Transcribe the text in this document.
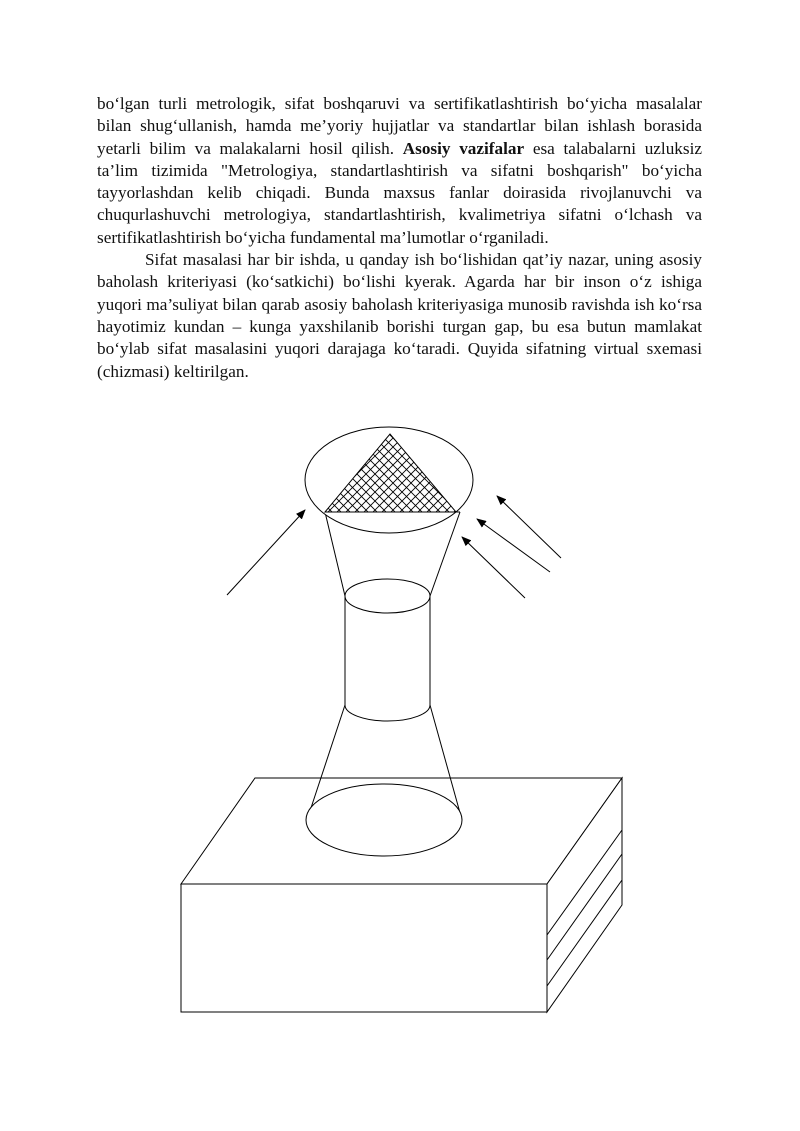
bo‘lgan turli metrologik, sifat boshqaruvi va sertifikatlashtirish bo‘yicha masalalar bilan shug‘ullanish, hamda me’yoriy hujjatlar va standartlar bilan ishlash borasida yetarli bilim va malakalarni hosil qilish. Asosiy vazifalar esa talabalarni uzluksiz ta’lim tizimida "Metrologiya, standartlashtirish va sifatni boshqarish" bo‘yicha tayyorlashdan kelib chiqadi. Bunda maxsus fanlar doirasida rivojlanuvchi va chuqurlashuvchi metrologiya, standartlashtirish, kvalimetriya sifatni o‘lchash va sertifikatlashtirish bo‘yicha fundamental ma’lumotlar o‘rganiladi.

Sifat masalasi har bir ishda, u qanday ish bo‘lishidan qat’iy nazar, uning asosiy baholash kriteriyasi (ko‘satkichi) bo‘lishi kyerak. Agarda har bir inson o‘z ishiga yuqori ma’suliyat bilan qarab asosiy baholash kriteriyasiga munosib ravishda ish ko‘rsa hayotimiz kundan – kunga yaxshilanib borishi turgan gap, bu esa butun mamlakat bo‘ylab sifat masalasini yuqori darajaga ko‘taradi. Quyida sifatning virtual sxemasi (chizmasi) keltirilgan.
